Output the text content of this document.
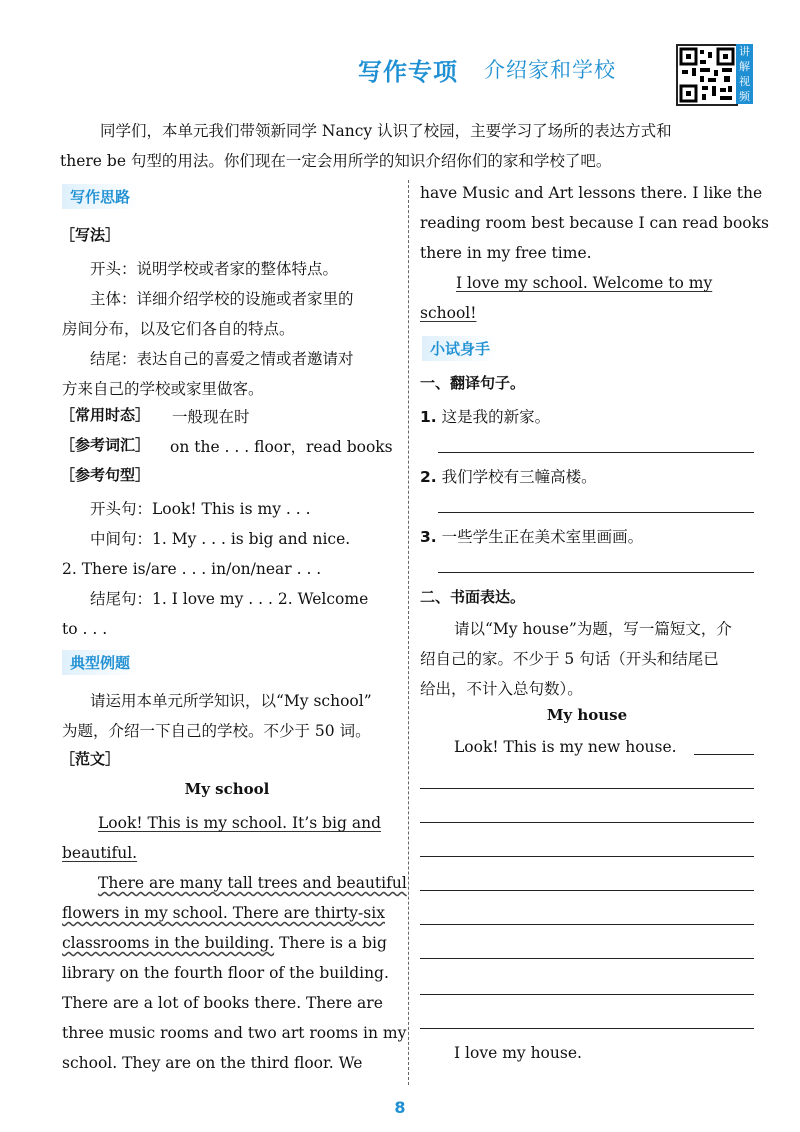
写作专项 介绍家和学校
讲解视频
同学们，本单元我们带领新同学 Nancy 认识了校园，主要学习了场所的表达方式和
there be 句型的用法。你们现在一定会用所学的知识介绍你们的家和学校了吧。
写作思路
［写法］
开头：说明学校或者家的整体特点。
主体：详细介绍学校的设施或者家里的
房间分布，以及它们各自的特点。
结尾：表达自己的喜爱之情或者邀请对
方来自己的学校或家里做客。
［常用时态］ 一般现在时
［参考词汇］ on the . . . floor，read books
［参考句型］
开头句：Look! This is my . . .
中间句：1. My . . . is big and nice.
2. There is/are . . . in/on/near . . .
结尾句：1. I love my . . . 2. Welcome
to . . .
典型例题
请运用本单元所学知识，以“My school”
为题，介绍一下自己的学校。不少于 50 词。
［范文］
My school
Look! This is my school. It’s big and
beautiful.
There are many tall trees and beautiful
flowers in my school. There are thirty-six
classrooms in the building. There is a big
library on the fourth floor of the building.
There are a lot of books there. There are
three music rooms and two art rooms in my
school. They are on the third floor. We
have Music and Art lessons there. I like the
reading room best because I can read books
there in my free time.
I love my school. Welcome to my
school!
小试身手
一、翻译句子。
1. 这是我的新家。
2. 我们学校有三幢高楼。
3. 一些学生正在美术室里画画。
二、书面表达。
请以“My house”为题，写一篇短文，介
绍自己的家。不少于 5 句话（开头和结尾已
给出，不计入总句数）。
My house
Look! This is my new house.
I love my house.
8
